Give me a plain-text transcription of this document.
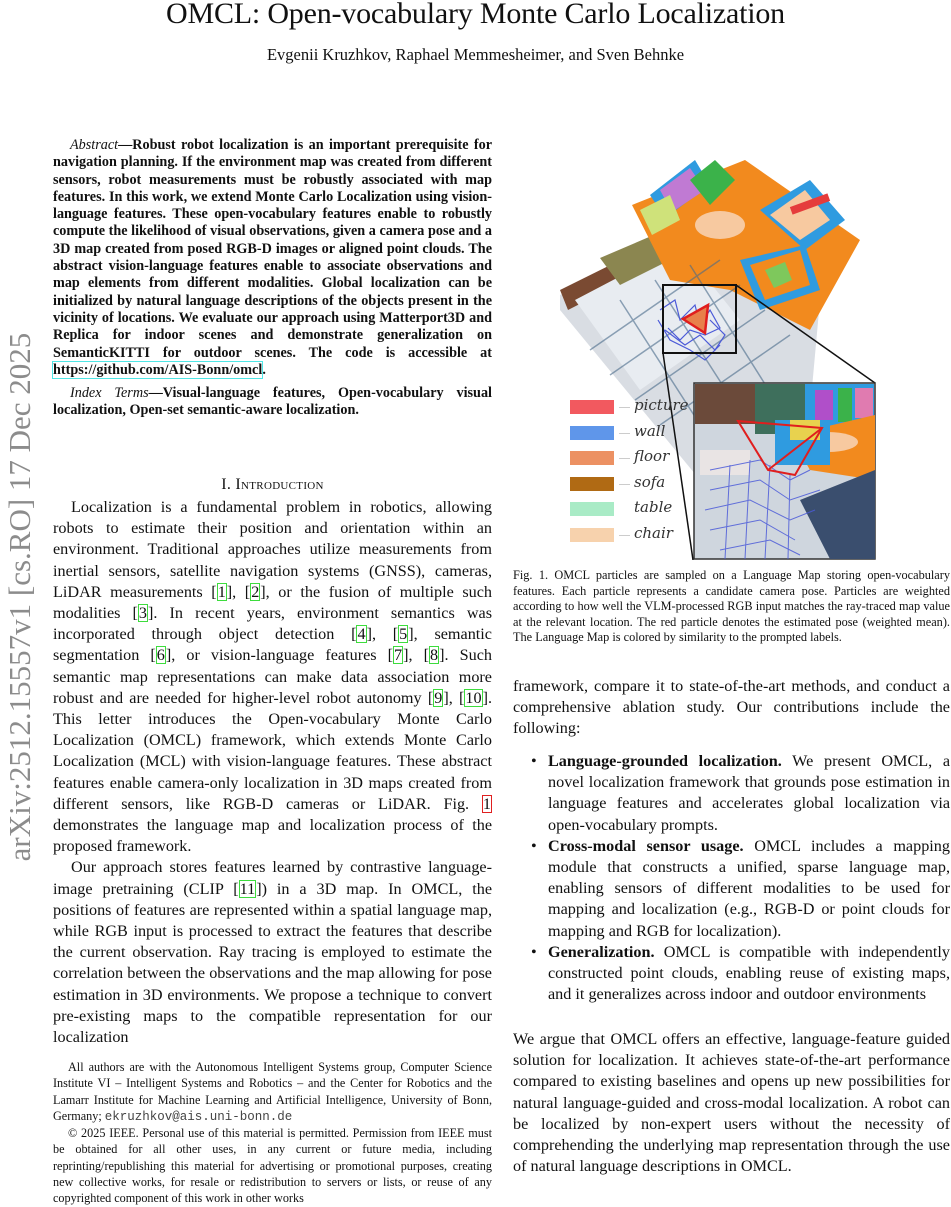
OMCL: Open-vocabulary Monte Carlo Localization
Evgenii Kruzhkov, Raphael Memmesheimer, and Sven Behnke
arXiv:2512.15557v1 [cs.RO] 17 Dec 2025

Abstract—Robust robot localization is an important prerequisite for navigation planning. If the environment map was created from different sensors, robot measurements must be robustly associated with map features. In this work, we extend Monte Carlo Localization using vision-language features. These open-vocabulary features enable to robustly compute the likelihood of visual observations, given a camera pose and a 3D map created from posed RGB-D images or aligned point clouds. The abstract vision-language features enable to associate observations and map elements from different modalities. Global localization can be initialized by natural language descriptions of the objects present in the vicinity of locations. We evaluate our approach using Matterport3D and Replica for indoor scenes and demonstrate generalization on SemanticKITTI for outdoor scenes. The code is accessible at https://github.com/AIS-Bonn/omcl.

Index Terms—Visual-language features, Open-vocabulary visual localization, Open-set semantic-aware localization.

I. Introduction

Localization is a fundamental problem in robotics, allowing robots to estimate their position and orientation within an environment. Traditional approaches utilize measurements from inertial sensors, satellite navigation systems (GNSS), cameras, LiDAR measurements [1], [2], or the fusion of multiple such modalities [3]. In recent years, environment semantics was incorporated through object detection [4], [5], semantic segmentation [6], or vision-language features [7], [8]. Such semantic map representations can make data association more robust and are needed for higher-level robot autonomy [9], [10]. This letter introduces the Open-vocabulary Monte Carlo Localization (OMCL) framework, which extends Monte Carlo Localization (MCL) with vision-language features. These abstract features enable camera-only localization in 3D maps created from different sensors, like RGB-D cameras or LiDAR. Fig. 1 demonstrates the language map and localization process of the proposed framework.

Our approach stores features learned by contrastive language-image pretraining (CLIP [11]) in a 3D map. In OMCL, the positions of features are represented within a spatial language map, while RGB input is processed to extract the features that describe the current observation. Ray tracing is employed to estimate the correlation between the observations and the map allowing for pose estimation in 3D environments. We propose a technique to convert pre-existing maps to the compatible representation for our localization

All authors are with the Autonomous Intelligent Systems group, Computer Science Institute VI – Intelligent Systems and Robotics – and the Center for Robotics and the Lamarr Institute for Machine Learning and Artificial Intelligence, University of Bonn, Germany; ekruzhkov@ais.uni-bonn.de

© 2025 IEEE. Personal use of this material is permitted. Permission from IEEE must be obtained for all other uses, in any current or future media, including reprinting/republishing this material for advertising or promotional purposes, creating new collective works, for resale or redistribution to servers or lists, or reuse of any copyrighted component of this work in other works

picture
wall
floor
sofa
table
chair

Fig. 1. OMCL particles are sampled on a Language Map storing open-vocabulary features. Each particle represents a candidate camera pose. Particles are weighted according to how well the VLM-processed RGB input matches the ray-traced map value at the relevant location. The red particle denotes the estimated pose (weighted mean). The Language Map is colored by similarity to the prompted labels.

framework, compare it to state-of-the-art methods, and conduct a comprehensive ablation study. Our contributions include the following:

• Language-grounded localization. We present OMCL, a novel localization framework that grounds pose estimation in language features and accelerates global localization via open-vocabulary prompts.

• Cross-modal sensor usage. OMCL includes a mapping module that constructs a unified, sparse language map, enabling sensors of different modalities to be used for mapping and localization (e.g., RGB-D or point clouds for mapping and RGB for localization).

• Generalization. OMCL is compatible with independently constructed point clouds, enabling reuse of existing maps, and it generalizes across indoor and outdoor environments

We argue that OMCL offers an effective, language-feature guided solution for localization. It achieves state-of-the-art performance compared to existing baselines and opens up new possibilities for natural language-guided and cross-modal localization. A robot can be localized by non-expert users without the necessity of comprehending the underlying map representation through the use of natural language descriptions in OMCL.
